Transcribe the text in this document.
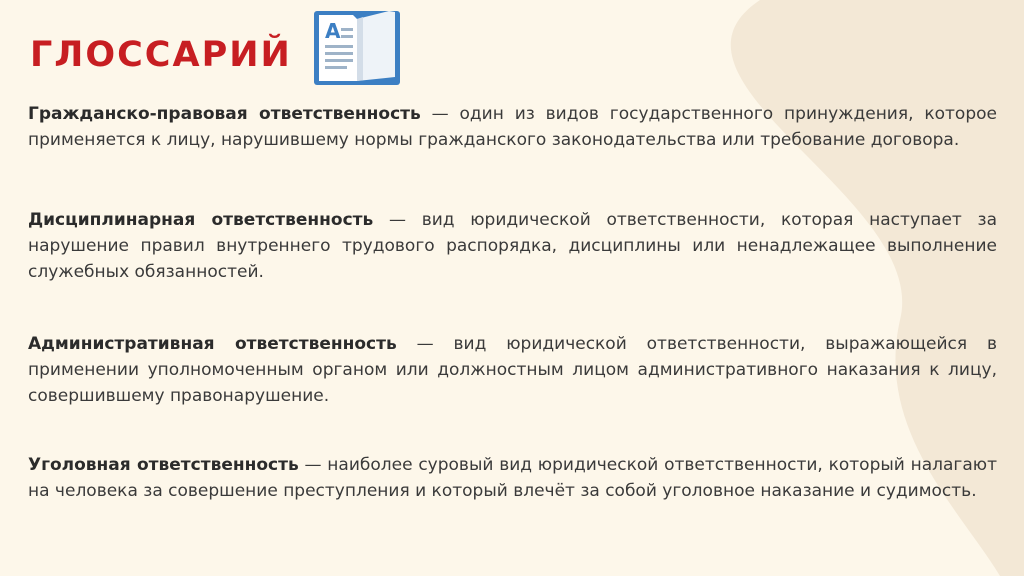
ГЛОССАРИЙ
A

Гражданско-правовая ответственность — один из видов государственного принуждения, которое применяется к лицу, нарушившему нормы гражданского законодательства или требование договора.

Дисциплинарная ответственность — вид юридической ответственности, которая наступает за нарушение правил внутреннего трудового распорядка, дисциплины или ненадлежащее выполнение служебных обязанностей.

Административная ответственность — вид юридической ответственности, выражающейся в применении уполномоченным органом или должностным лицом административного наказания к лицу, совершившему правонарушение.

Уголовная ответственность — наиболее суровый вид юридической ответственности, который налагают на человека за совершение преступления и который влечёт за собой уголовное наказание и судимость.
